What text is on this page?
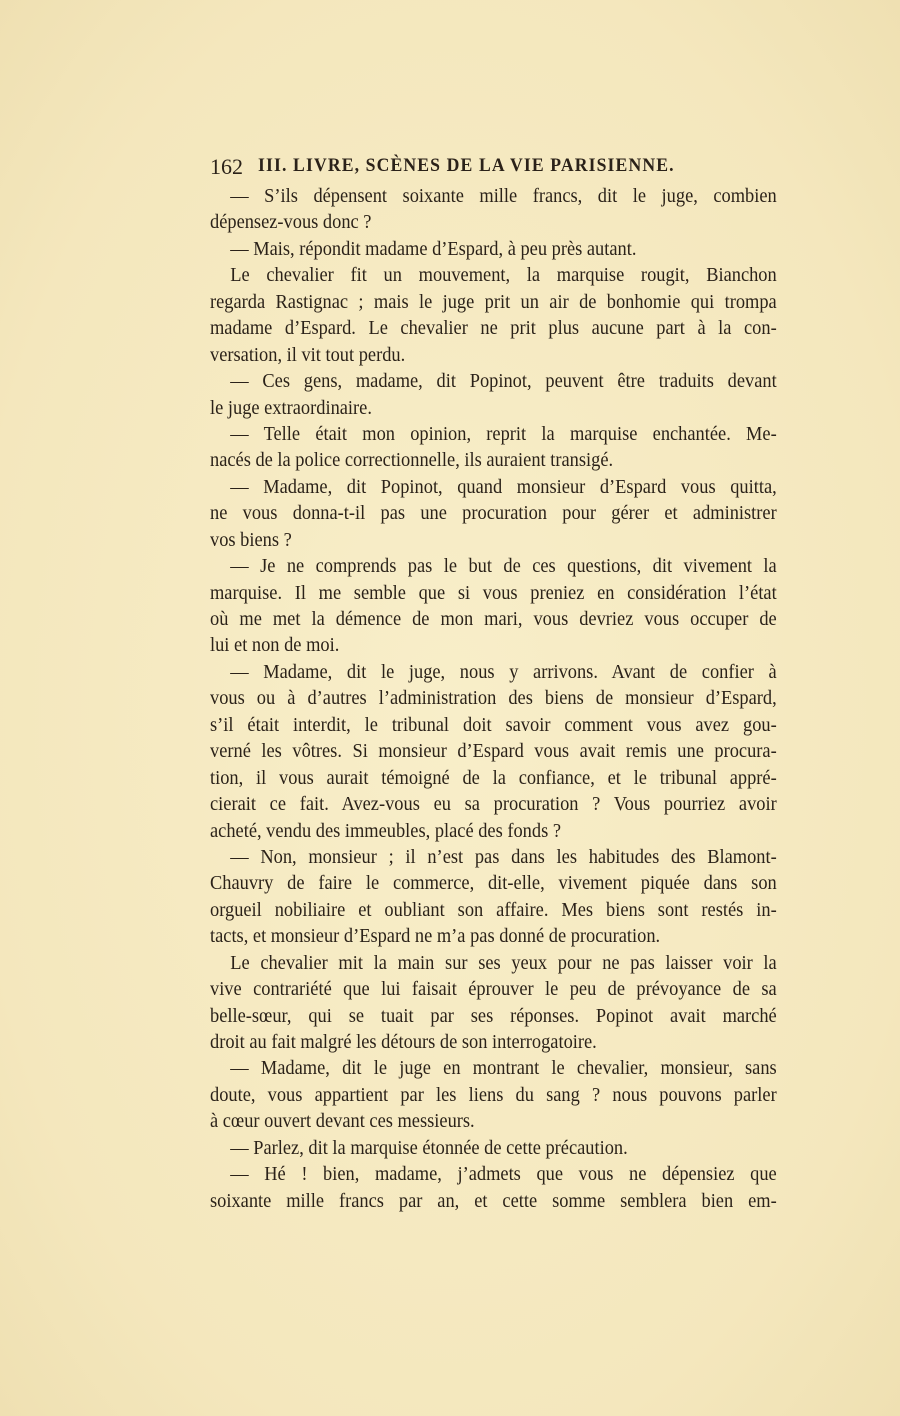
162 III. LIVRE, SCÈNES DE LA VIE PARISIENNE.
— S’ils dépensent soixante mille francs, dit le juge, combien
dépensez-vous donc ?
— Mais, répondit madame d’Espard, à peu près autant.
Le chevalier fit un mouvement, la marquise rougit, Bianchon
regarda Rastignac ; mais le juge prit un air de bonhomie qui trompa
madame d’Espard. Le chevalier ne prit plus aucune part à la con-
versation, il vit tout perdu.
— Ces gens, madame, dit Popinot, peuvent être traduits devant
le juge extraordinaire.
— Telle était mon opinion, reprit la marquise enchantée. Me-
nacés de la police correctionnelle, ils auraient transigé.
— Madame, dit Popinot, quand monsieur d’Espard vous quitta,
ne vous donna-t-il pas une procuration pour gérer et administrer
vos biens ?
— Je ne comprends pas le but de ces questions, dit vivement la
marquise. Il me semble que si vous preniez en considération l’état
où me met la démence de mon mari, vous devriez vous occuper de
lui et non de moi.
— Madame, dit le juge, nous y arrivons. Avant de confier à
vous ou à d’autres l’administration des biens de monsieur d’Espard,
s’il était interdit, le tribunal doit savoir comment vous avez gou-
verné les vôtres. Si monsieur d’Espard vous avait remis une procura-
tion, il vous aurait témoigné de la confiance, et le tribunal appré-
cierait ce fait. Avez-vous eu sa procuration ? Vous pourriez avoir
acheté, vendu des immeubles, placé des fonds ?
— Non, monsieur ; il n’est pas dans les habitudes des Blamont-
Chauvry de faire le commerce, dit-elle, vivement piquée dans son
orgueil nobiliaire et oubliant son affaire. Mes biens sont restés in-
tacts, et monsieur d’Espard ne m’a pas donné de procuration.
Le chevalier mit la main sur ses yeux pour ne pas laisser voir la
vive contrariété que lui faisait éprouver le peu de prévoyance de sa
belle-sœur, qui se tuait par ses réponses. Popinot avait marché
droit au fait malgré les détours de son interrogatoire.
— Madame, dit le juge en montrant le chevalier, monsieur, sans
doute, vous appartient par les liens du sang ? nous pouvons parler
à cœur ouvert devant ces messieurs.
— Parlez, dit la marquise étonnée de cette précaution.
— Hé ! bien, madame, j’admets que vous ne dépensiez que
soixante mille francs par an, et cette somme semblera bien em-
